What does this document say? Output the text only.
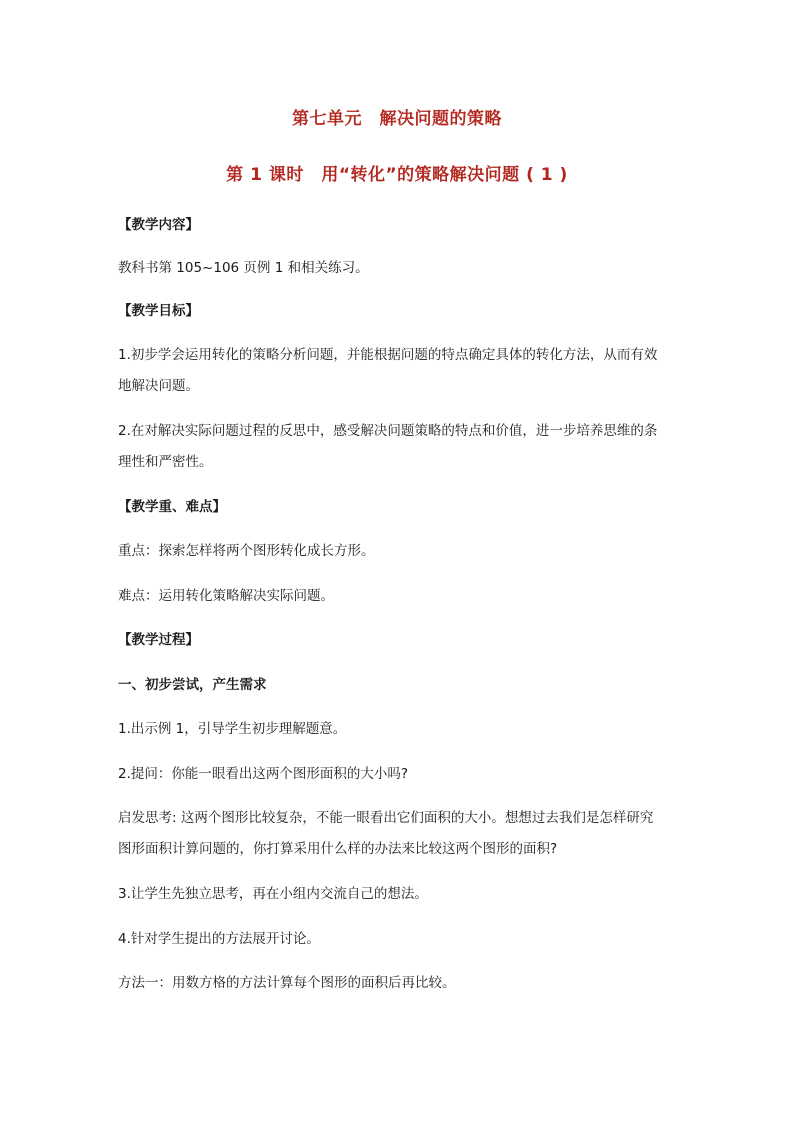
第七单元　解决问题的策略
第 1 课时　用“转化”的策略解决问题 ( 1 )
【教学内容】
教科书第 105~106 页例 1 和相关练习。
【教学目标】
1.初步学会运用转化的策略分析问题，并能根据问题的特点确定具体的转化方法，从而有效
地解决问题。
2.在对解决实际问题过程的反思中，感受解决问题策略的特点和价值，进一步培养思维的条
理性和严密性。
【教学重、难点】
重点：探索怎样将两个图形转化成长方形。
难点：运用转化策略解决实际问题。
【教学过程】
一、初步尝试，产生需求
1.出示例 1，引导学生初步理解题意。
2.提问：你能一眼看出这两个图形面积的大小吗?
启发思考: 这两个图形比较复杂，不能一眼看出它们面积的大小。想想过去我们是怎样研究
图形面积计算问题的，你打算采用什么样的办法来比较这两个图形的面积?
3.让学生先独立思考，再在小组内交流自己的想法。
4.针对学生提出的方法展开讨论。
方法一：用数方格的方法计算每个图形的面积后再比较。
